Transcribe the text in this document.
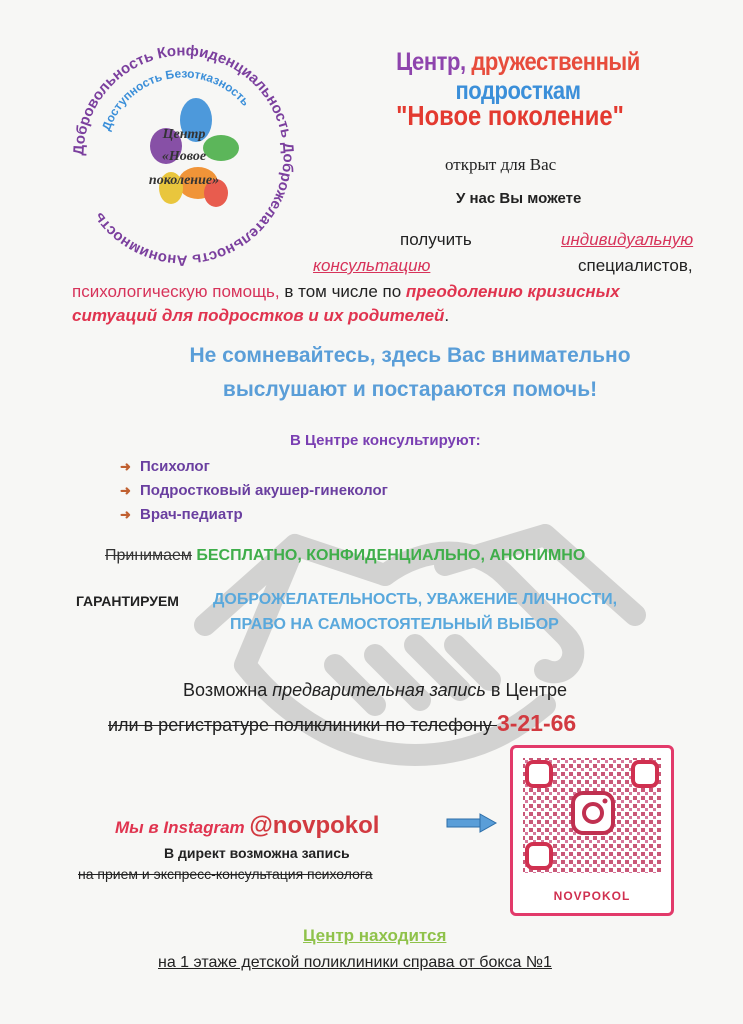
Добровольность Конфиденциальность Доброжелательность Анонимность
Доступность Безотказность
Центр
«Новое
поколение»
Центр, дружественный подросткам
"Новое поколение"
открыт для Вас
У нас Вы можете
получить	индивидуальную
консультацию	специалистов,
психологическую помощь, в том числе по преодолению кризисных
ситуаций для подростков и их родителей.
Не сомневайтесь, здесь Вас внимательно
выслушают и постараются помочь!
В Центре консультируют:
➜ Психолог
➜ Подростковый акушер-гинеколог
➜ Врач-педиатр
Принимаем БЕСПЛАТНО, КОНФИДЕНЦИАЛЬНО, АНОНИМНО
ГАРАНТИРУЕМ ДОБРОЖЕЛАТЕЛЬНОСТЬ, УВАЖЕНИЕ ЛИЧНОСТИ,
ПРАВО НА САМОСТОЯТЕЛЬНЫЙ ВЫБОР
Возможна предварительная запись в Центре
или в регистратуре поликлиники по телефону 3-21-66
Мы в Instagram @novpokol
В директ возможна запись
на прием и экспресс-консультация психолога
NOVPOKOL
Центр находится
на 1 этаже детской поликлиники справа от бокса №1
